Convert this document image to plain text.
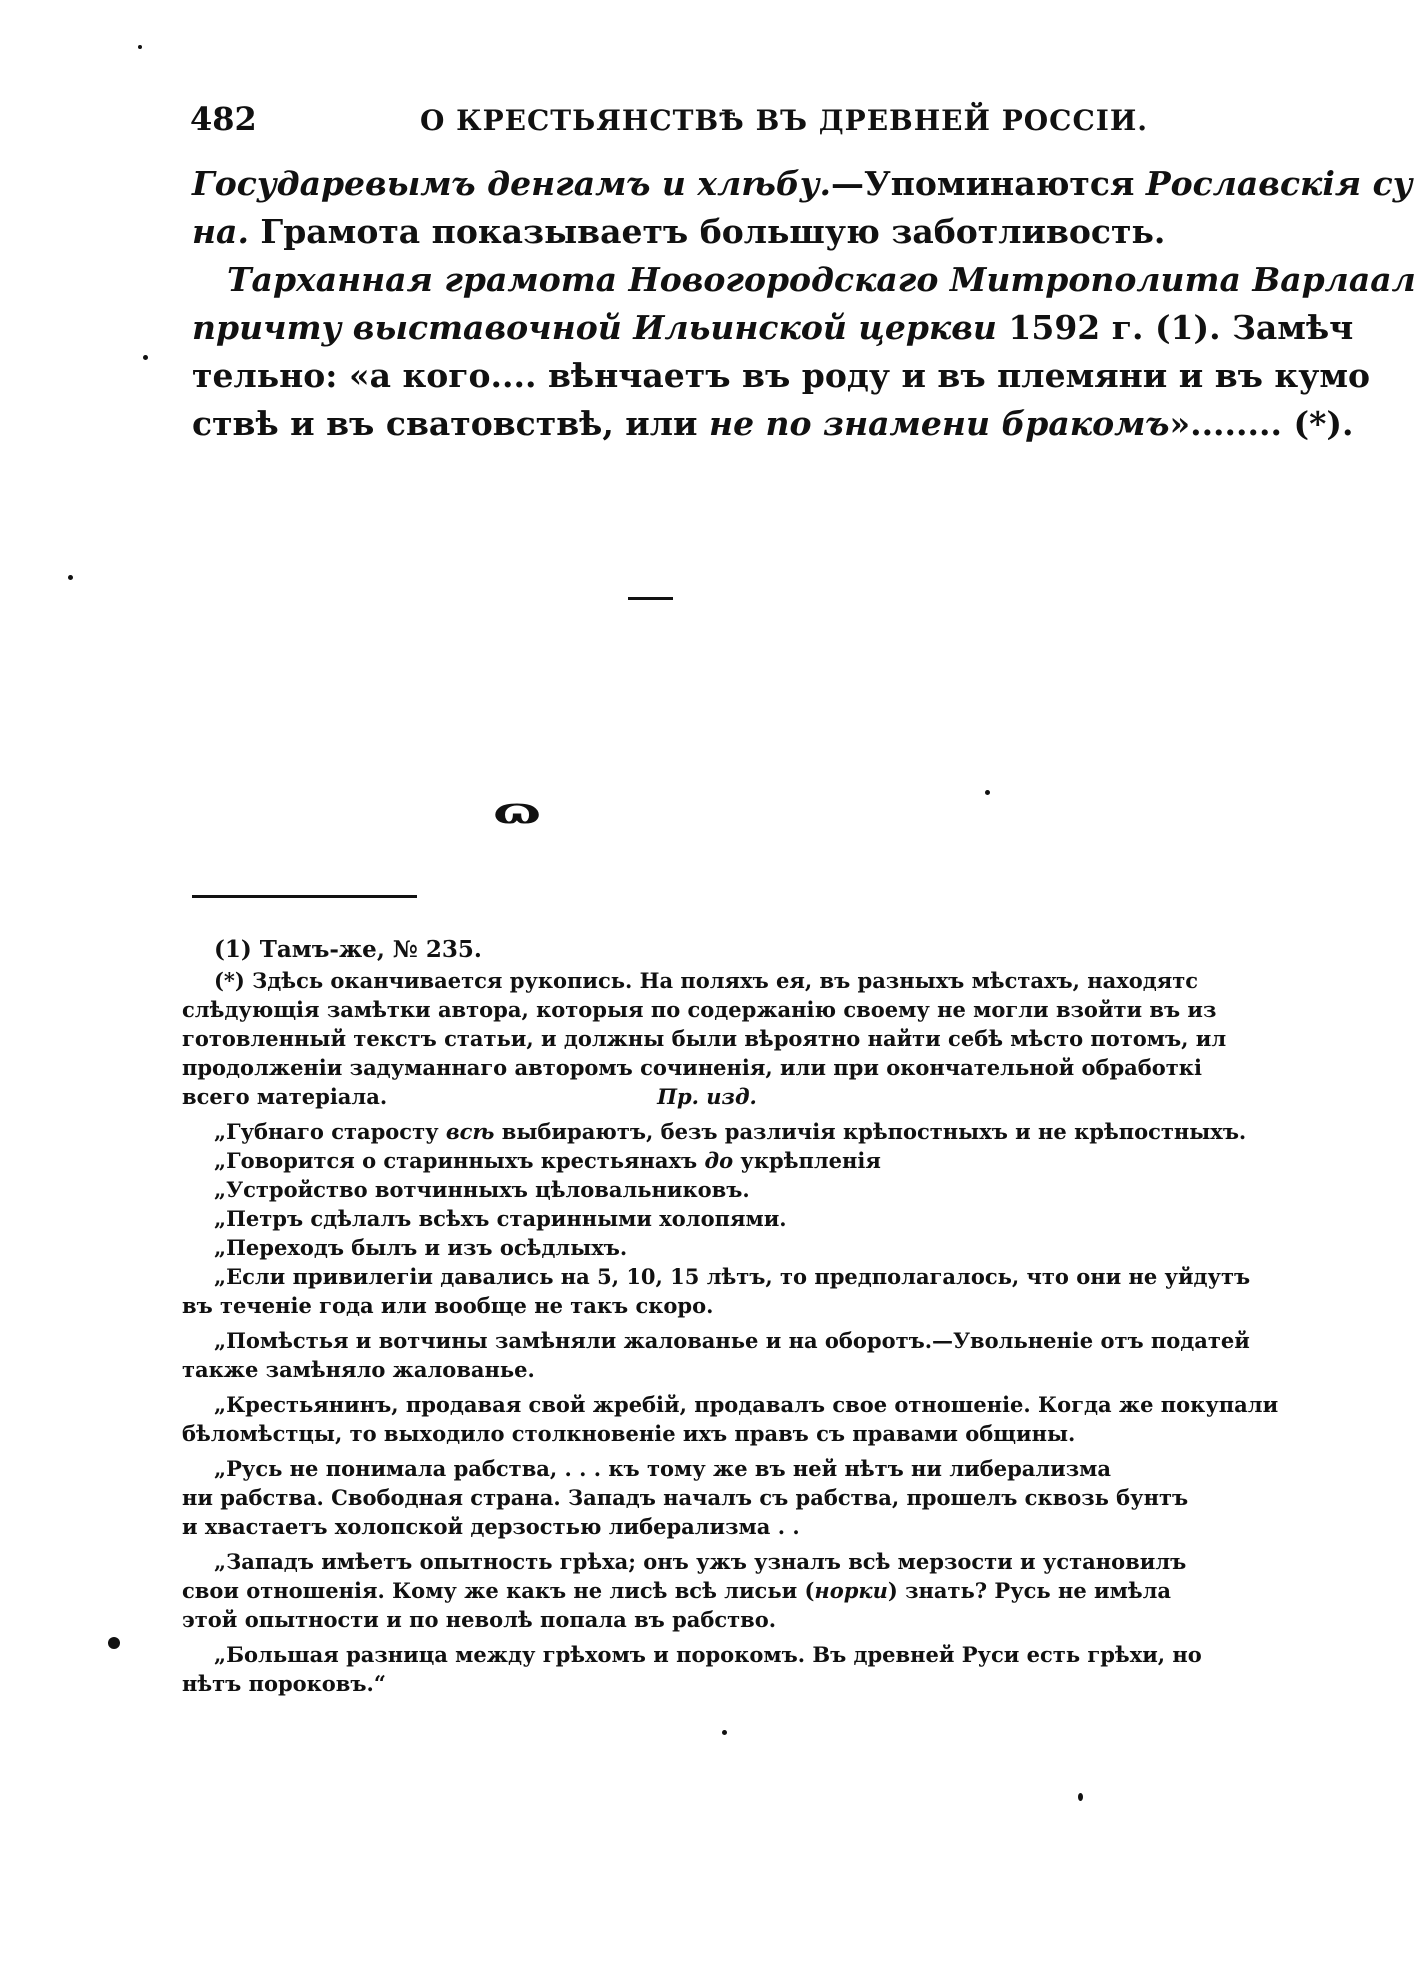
482	О КРЕСТЬЯНСТВѢ ВЪ ДРЕВНЕЙ РОССІИ.

Государевымъ денгамъ и хлѣбу.—Упоминаются Рославскія су

на. Грамота показываетъ большую заботливость.

Тарханная грамота Новогородскаго Митрополита Варлаал

причту выставочной Ильинской церкви 1592 г. (1). Замѣч

тельно: «а кого.... вѣнчаетъ въ роду и въ племяни и въ кумо

ствѣ и въ сватовствѣ, или не по знамени бракомъ»........ (*).

ɷ

(1) Тамъ-же, № 235.

(*) Здѣсь оканчивается рукопись. На поляхъ ея, въ разныхъ мѣстахъ, находятс

слѣдующія замѣтки автора, которыя по содержанію своему не могли взойти въ из

готовленный текстъ статьи, и должны были вѣроятно найти себѣ мѣсто потомъ, ил

продолженіи задуманнаго авторомъ сочиненія, или при окончательной обработкі

всего матеріала.	Пр. изд.

„Губнаго старосту всѣ выбираютъ, безъ различія крѣпостныхъ и не крѣпостныхъ.

„Говорится о старинныхъ крестьянахъ до укрѣпленія

„Устройство вотчинныхъ цѣловальниковъ.

„Петръ сдѣлалъ всѣхъ старинными холопями.

„Переходъ былъ и изъ осѣдлыхъ.

„Если привилегіи давались на 5, 10, 15 лѣтъ, то предполагалось, что они не уйдутъ

въ теченіе года или вообще не такъ скоро.

„Помѣстья и вотчины замѣняли жалованье и на оборотъ.—Увольненіе отъ податей

также замѣняло жалованье.

„Крестьянинъ, продавая свой жребій, продавалъ свое отношеніе. Когда же покупали

бѣломѣстцы, то выходило столкновеніе ихъ правъ съ правами общины.

„Русь не понимала рабства, . . . къ тому же въ ней нѣтъ ни либерализма

ни рабства. Свободная страна. Западъ началъ съ рабства, прошелъ сквозь бунтъ

и хвастаетъ холопской дерзостью либерализма . .

„Западъ имѣетъ опытность грѣха; онъ ужъ узналъ всѣ мерзости и установилъ

свои отношенія. Кому же какъ не лисѣ всѣ лисьи (норки) знать? Русь не имѣла

этой опытности и по неволѣ попала въ рабство.

„Большая разница между грѣхомъ и порокомъ. Въ древней Руси есть грѣхи, но

нѣтъ пороковъ.“
